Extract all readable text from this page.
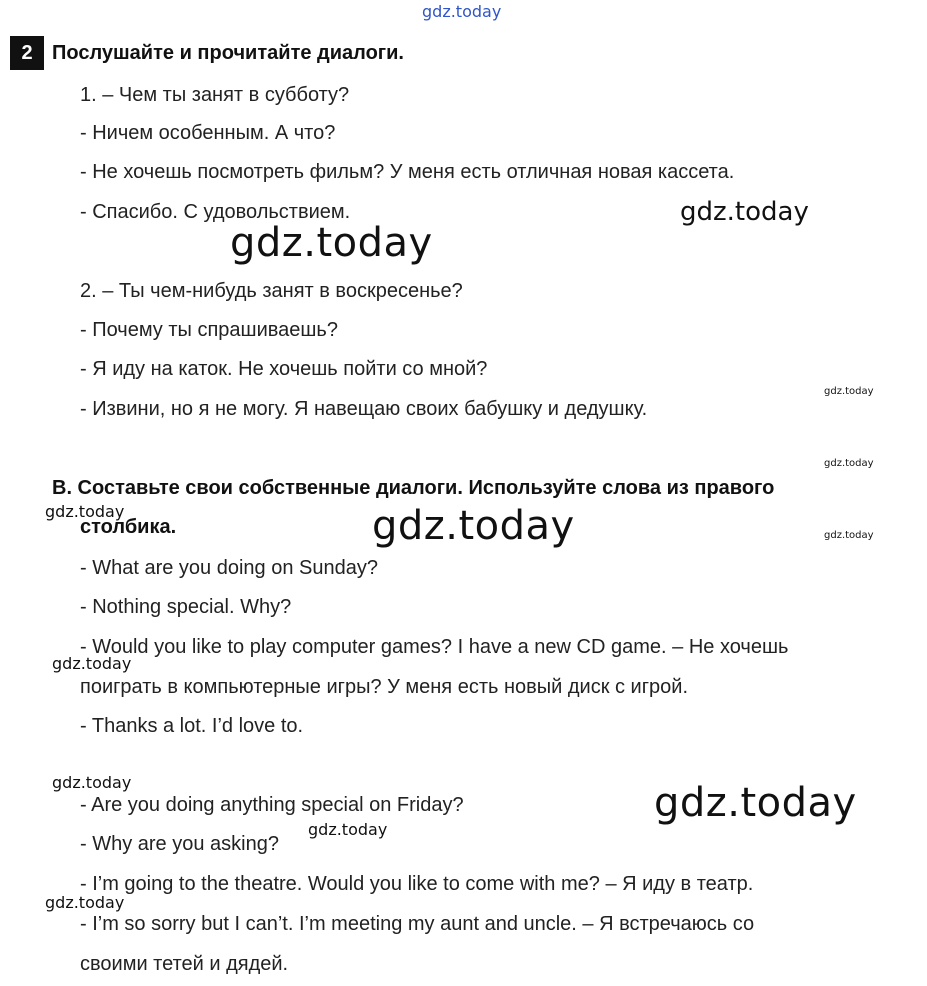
gdz.today
2 Послушайте и прочитайте диалоги.
1. – Чем ты занят в субботу?
- Ничем особенным. А что?
- Не хочешь посмотреть фильм? У меня есть отличная новая кассета.
- Спасибо. С удовольствием.	gdz.today
gdz.today
2. – Ты чем-нибудь занят в воскресенье?
- Почему ты спрашиваешь?
- Я иду на каток. Не хочешь пойти со мной?
gdz.today
- Извини, но я не могу. Я навещаю своих бабушку и дедушку.
gdz.today
B. Составьте свои собственные диалоги. Используйте слова из правого
gdz.today
столбика.	gdz.today	gdz.today
- What are you doing on Sunday?
- Nothing special. Why?
- Would you like to play computer games? I have a new CD game. – Не хочешь
gdz.today
поиграть в компьютерные игры? У меня есть новый диск с игрой.
- Thanks a lot. I’d love to.
gdz.today	gdz.today
- Are you doing anything special on Friday?
gdz.today
- Why are you asking?
- I’m going to the theatre. Would you like to come with me? – Я иду в театр.
gdz.today
- I’m so sorry but I can’t. I’m meeting my aunt and uncle. – Я встречаюсь со
своими тетей и дядей.
